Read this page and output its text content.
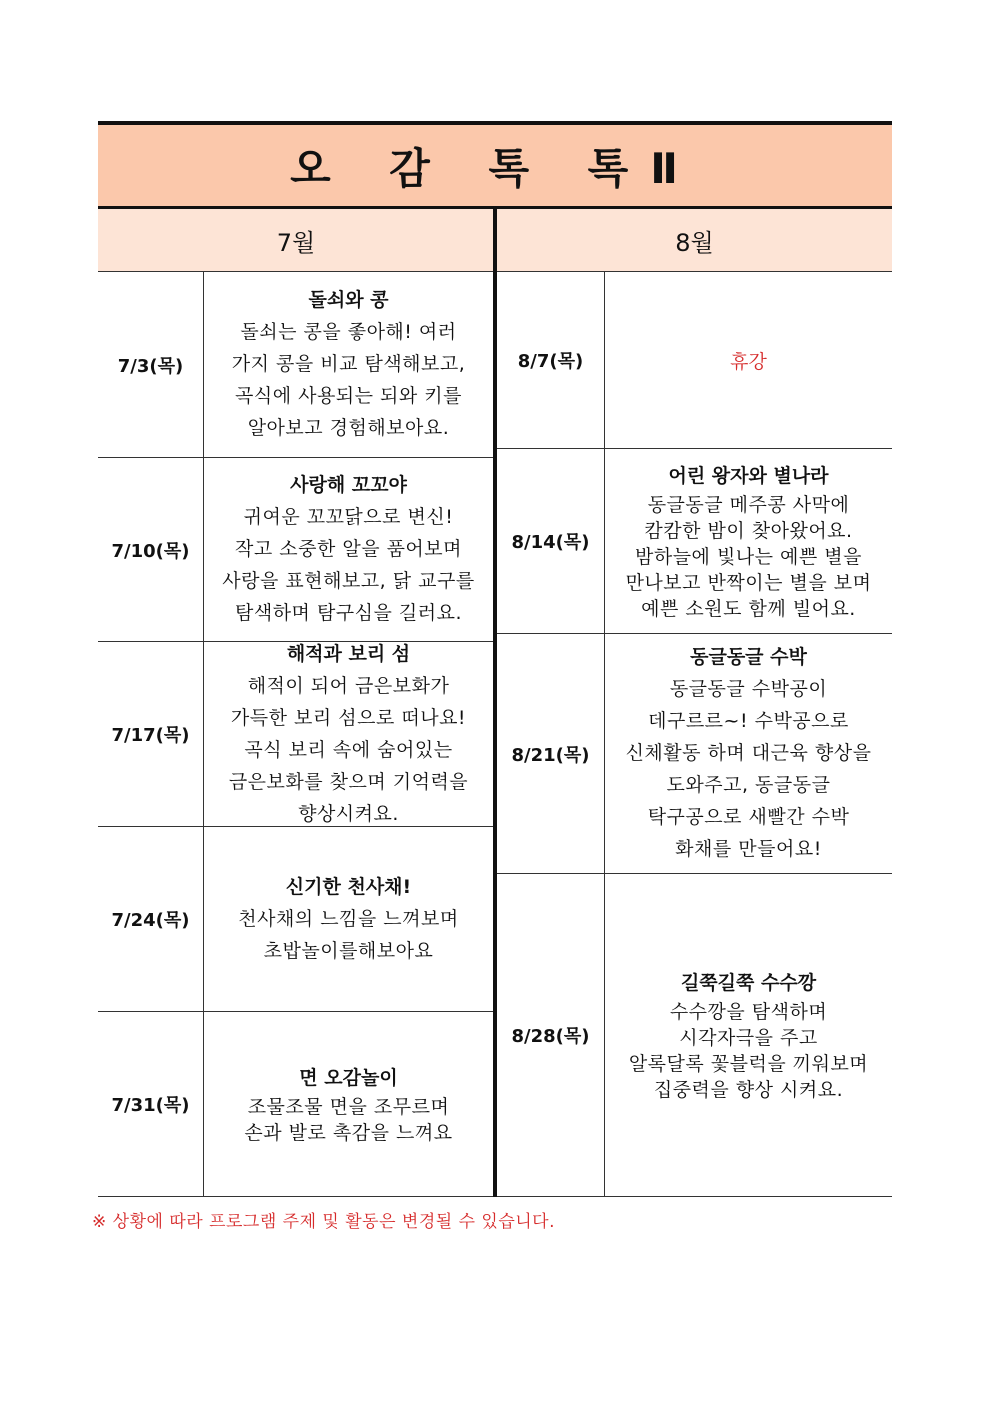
오 감 톡 톡Ⅱ
7월	8월
7/3(목)
돌쇠와 콩
돌쇠는 콩을 좋아해! 여러
가지 콩을 비교 탐색해보고,
곡식에 사용되는 되와 키를
알아보고 경험해보아요.
7/10(목)
사랑해 꼬꼬야
귀여운 꼬꼬닭으로 변신!
작고 소중한 알을 품어보며
사랑을 표현해보고, 닭 교구를
탐색하며 탐구심을 길러요.
7/17(목)
해적과 보리 섬
해적이 되어 금은보화가
가득한 보리 섬으로 떠나요!
곡식 보리 속에 숨어있는
금은보화를 찾으며 기억력을
향상시켜요.
7/24(목)
신기한 천사채!
천사채의 느낌을 느껴보며
초밥놀이를해보아요
7/31(목)
면 오감놀이
조물조물 면을 조무르며
손과 발로 촉감을 느껴요
8/7(목)	휴강
8/14(목)
어린 왕자와 별나라
동글동글 메주콩 사막에
캄캄한 밤이 찾아왔어요.
밤하늘에 빛나는 예쁜 별을
만나보고 반짝이는 별을 보며
예쁜 소원도 함께 빌어요.
8/21(목)
동글동글 수박
동글동글 수박공이
데구르르~! 수박공으로
신체활동 하며 대근육 향상을
도와주고, 동글동글
탁구공으로 새빨간 수박
화채를 만들어요!
8/28(목)
길쭉길쭉 수수깡
수수깡을 탐색하며
시각자극을 주고
알록달록 꽃블럭을 끼워보며
집중력을 향상 시켜요.
※ 상황에 따라 프로그램 주제 및 활동은 변경될 수 있습니다.
